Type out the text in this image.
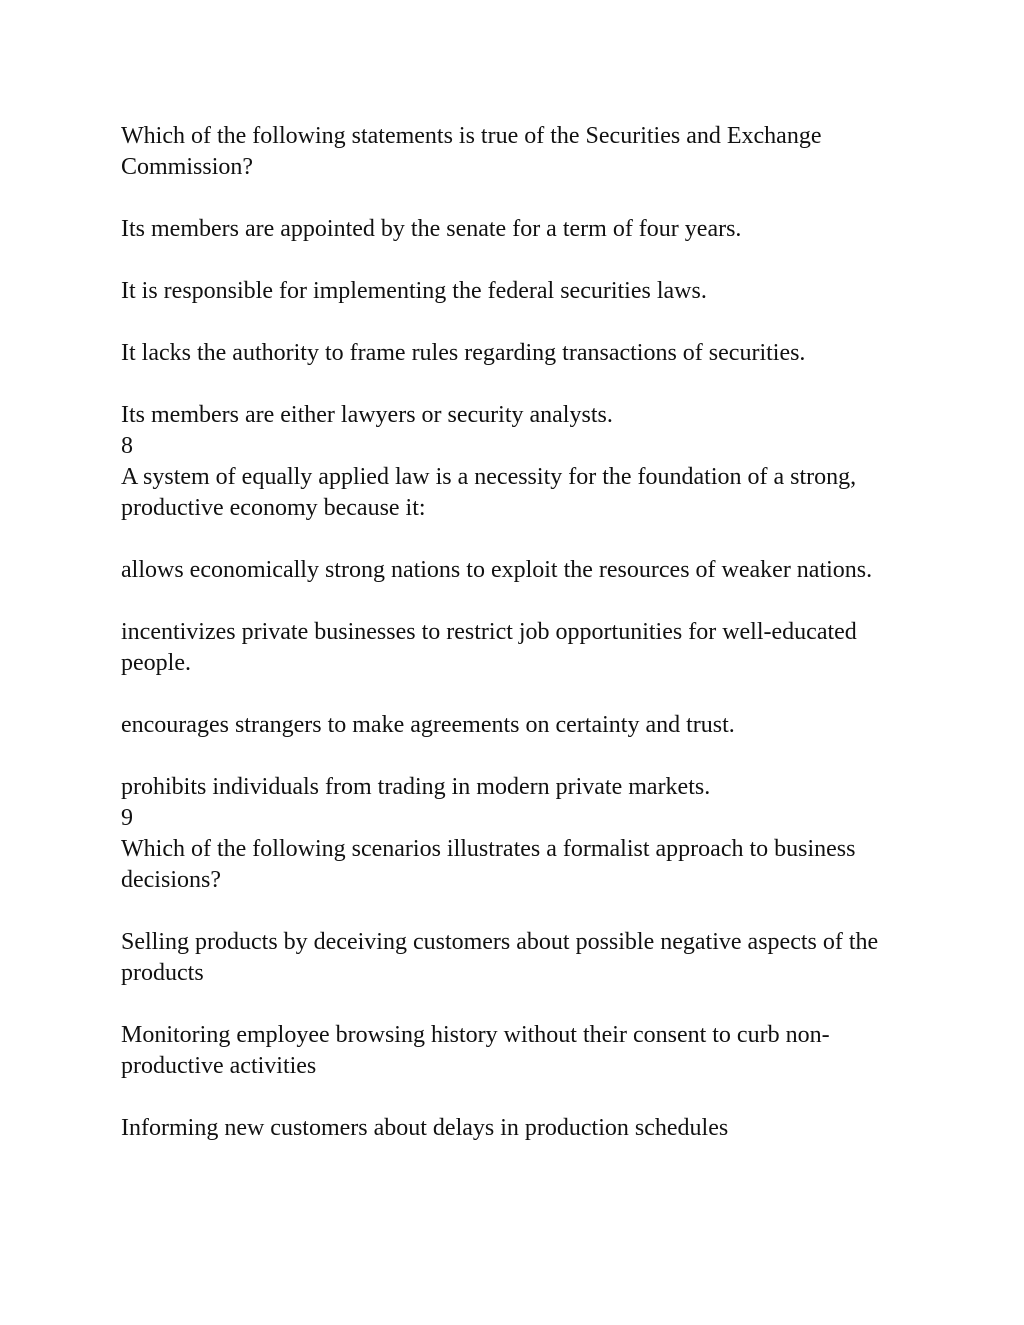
Which of the following statements is true of the Securities and Exchange Commission?

Its members are appointed by the senate for a term of four years.

It is responsible for implementing the federal securities laws.

It lacks the authority to frame rules regarding transactions of securities.

Its members are either lawyers or security analysts.

8

A system of equally applied law is a necessity for the foundation of a strong, productive economy because it:

allows economically strong nations to exploit the resources of weaker nations.

incentivizes private businesses to restrict job opportunities for well-educated people.

encourages strangers to make agreements on certainty and trust.

prohibits individuals from trading in modern private markets.

9

Which of the following scenarios illustrates a formalist approach to business decisions?

Selling products by deceiving customers about possible negative aspects of the products

Monitoring employee browsing history without their consent to curb non-productive activities

Informing new customers about delays in production schedules
